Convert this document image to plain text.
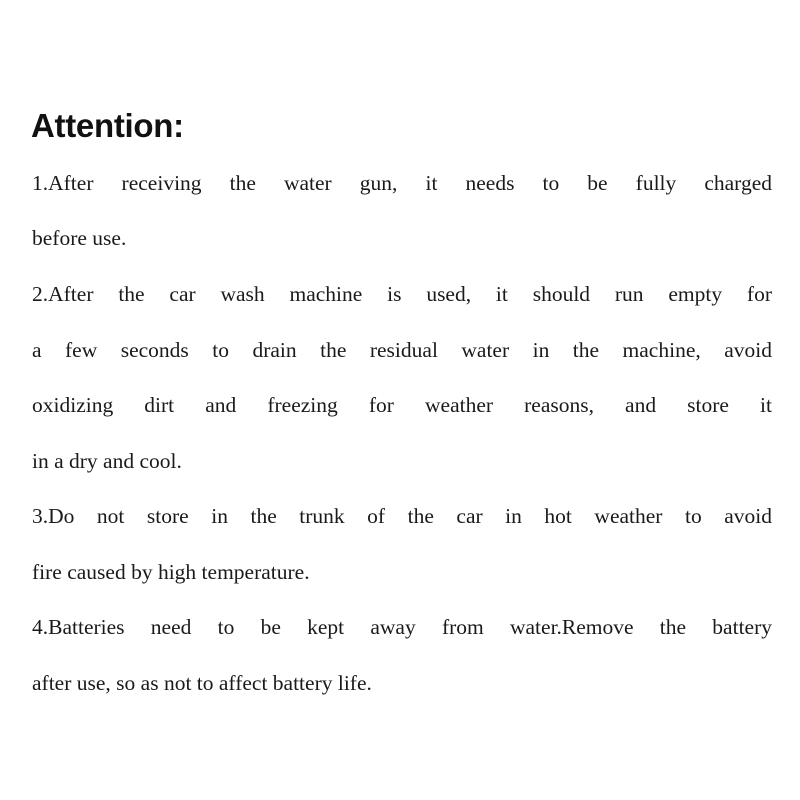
Attention:

1.After receiving the water gun, it needs to be fully charged

before use.

2.After the car wash machine is used, it should run empty for

a few seconds to drain the residual water in the machine, avoid

oxidizing dirt and freezing for weather reasons, and store it

in a dry and cool.

3.Do not store in the trunk of the car in hot weather to avoid

fire caused by high temperature.

4.Batteries need to be kept away from water.Remove the battery

after use, so as not to affect battery life.
